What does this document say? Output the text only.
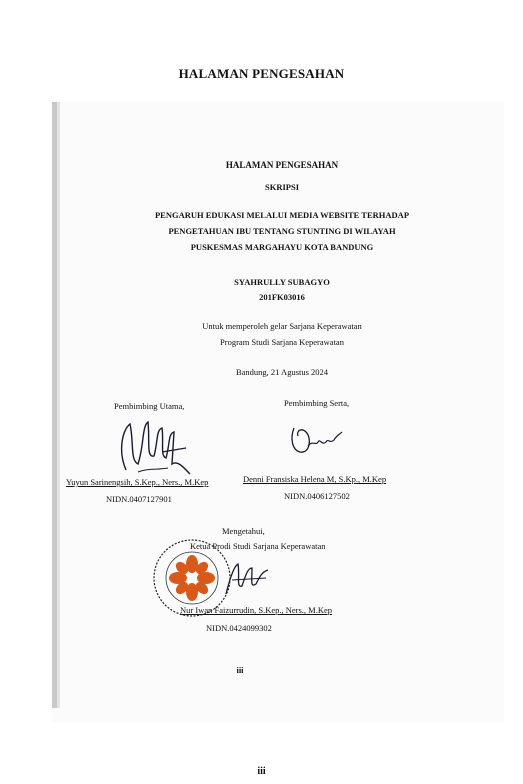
HALAMAN PENGESAHAN
HALAMAN PENGESAHAN
SKRIPSI
PENGARUH EDUKASI MELALUI MEDIA WEBSITE TERHADAP
PENGETAHUAN IBU TENTANG STUNTING DI WILAYAH
PUSKESMAS MARGAHAYU KOTA BANDUNG
SYAHRULLY SUBAGYO
201FK03016
Untuk memperoleh gelar Sarjana Keperawatan
Program Studi Sarjana Keperawatan
Bandung, 21 Agustus 2024
Pembimbing Utama,	Pembimbing Serta,
Yuyun Sarinengsih, S.Kep., Ners., M.Kep
NIDN.0407127901
Denni Fransiska Helena M, S.Kp., M.Kep
NIDN.0406127502
Mengetahui,
Ketua Prodi Studi Sarjana Keperawatan
Nur Iwan Faizurrudin, S.Kep., Ners., M.Kep
NIDN.0424099302
iii
iii
